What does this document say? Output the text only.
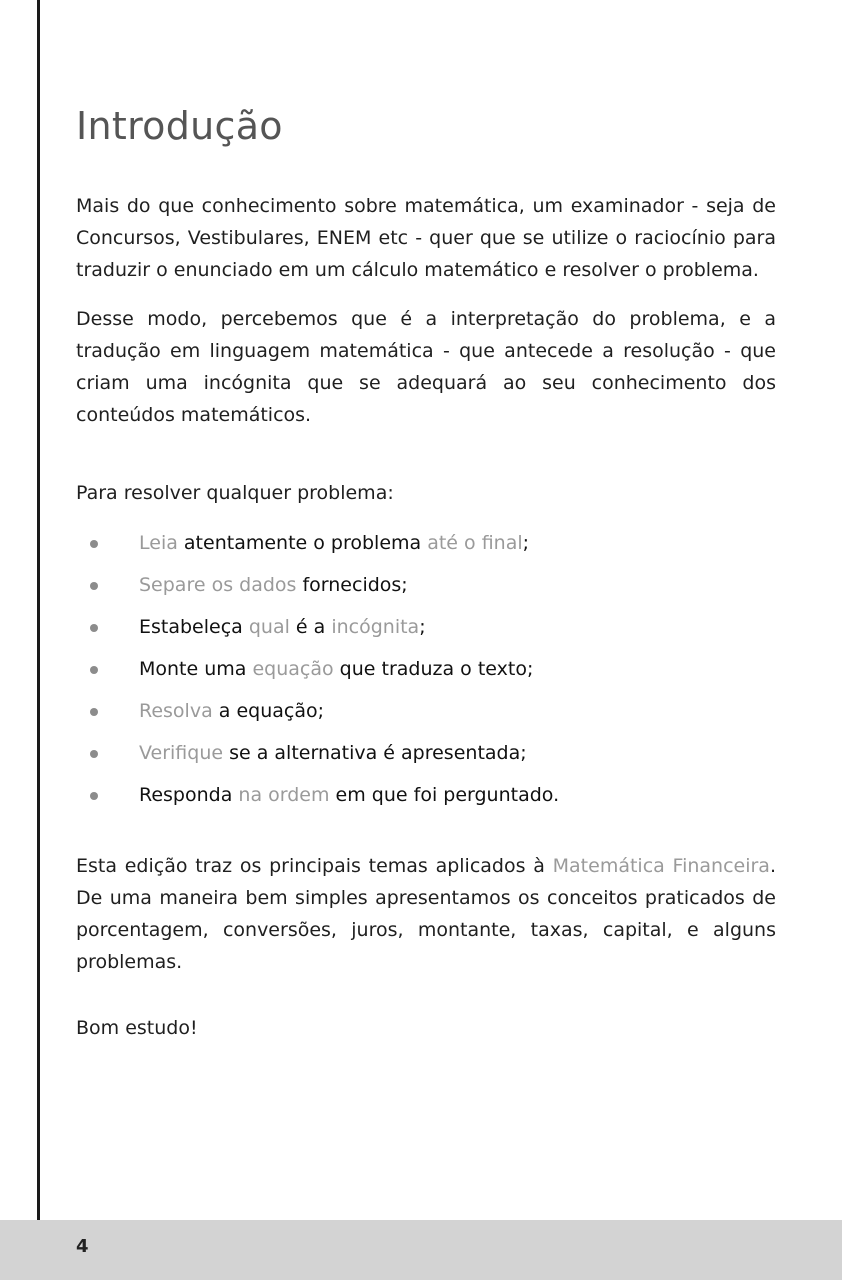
Introdução

Mais do que conhecimento sobre matemática, um examinador - seja de Concursos, Vestibulares, ENEM etc - quer que se utilize o raciocínio para traduzir o enunciado em um cálculo matemático e resolver o problema.

Desse modo, percebemos que é a interpretação do problema, e a tradução em linguagem matemática - que antecede a resolução - que criam uma incógnita que se adequará ao seu conhecimento dos conteúdos matemáticos.

Para resolver qualquer problema:

Leia atentamente o problema até o final;
Separe os dados fornecidos;
Estabeleça qual é a incógnita;
Monte uma equação que traduza o texto;
Resolva a equação;
Verifique se a alternativa é apresentada;
Responda na ordem em que foi perguntado.

Esta edição traz os principais temas aplicados à Matemática Financeira. De uma maneira bem simples apresentamos os conceitos praticados de porcentagem, conversões, juros, montante, taxas, capital, e alguns problemas.

Bom estudo!

4
